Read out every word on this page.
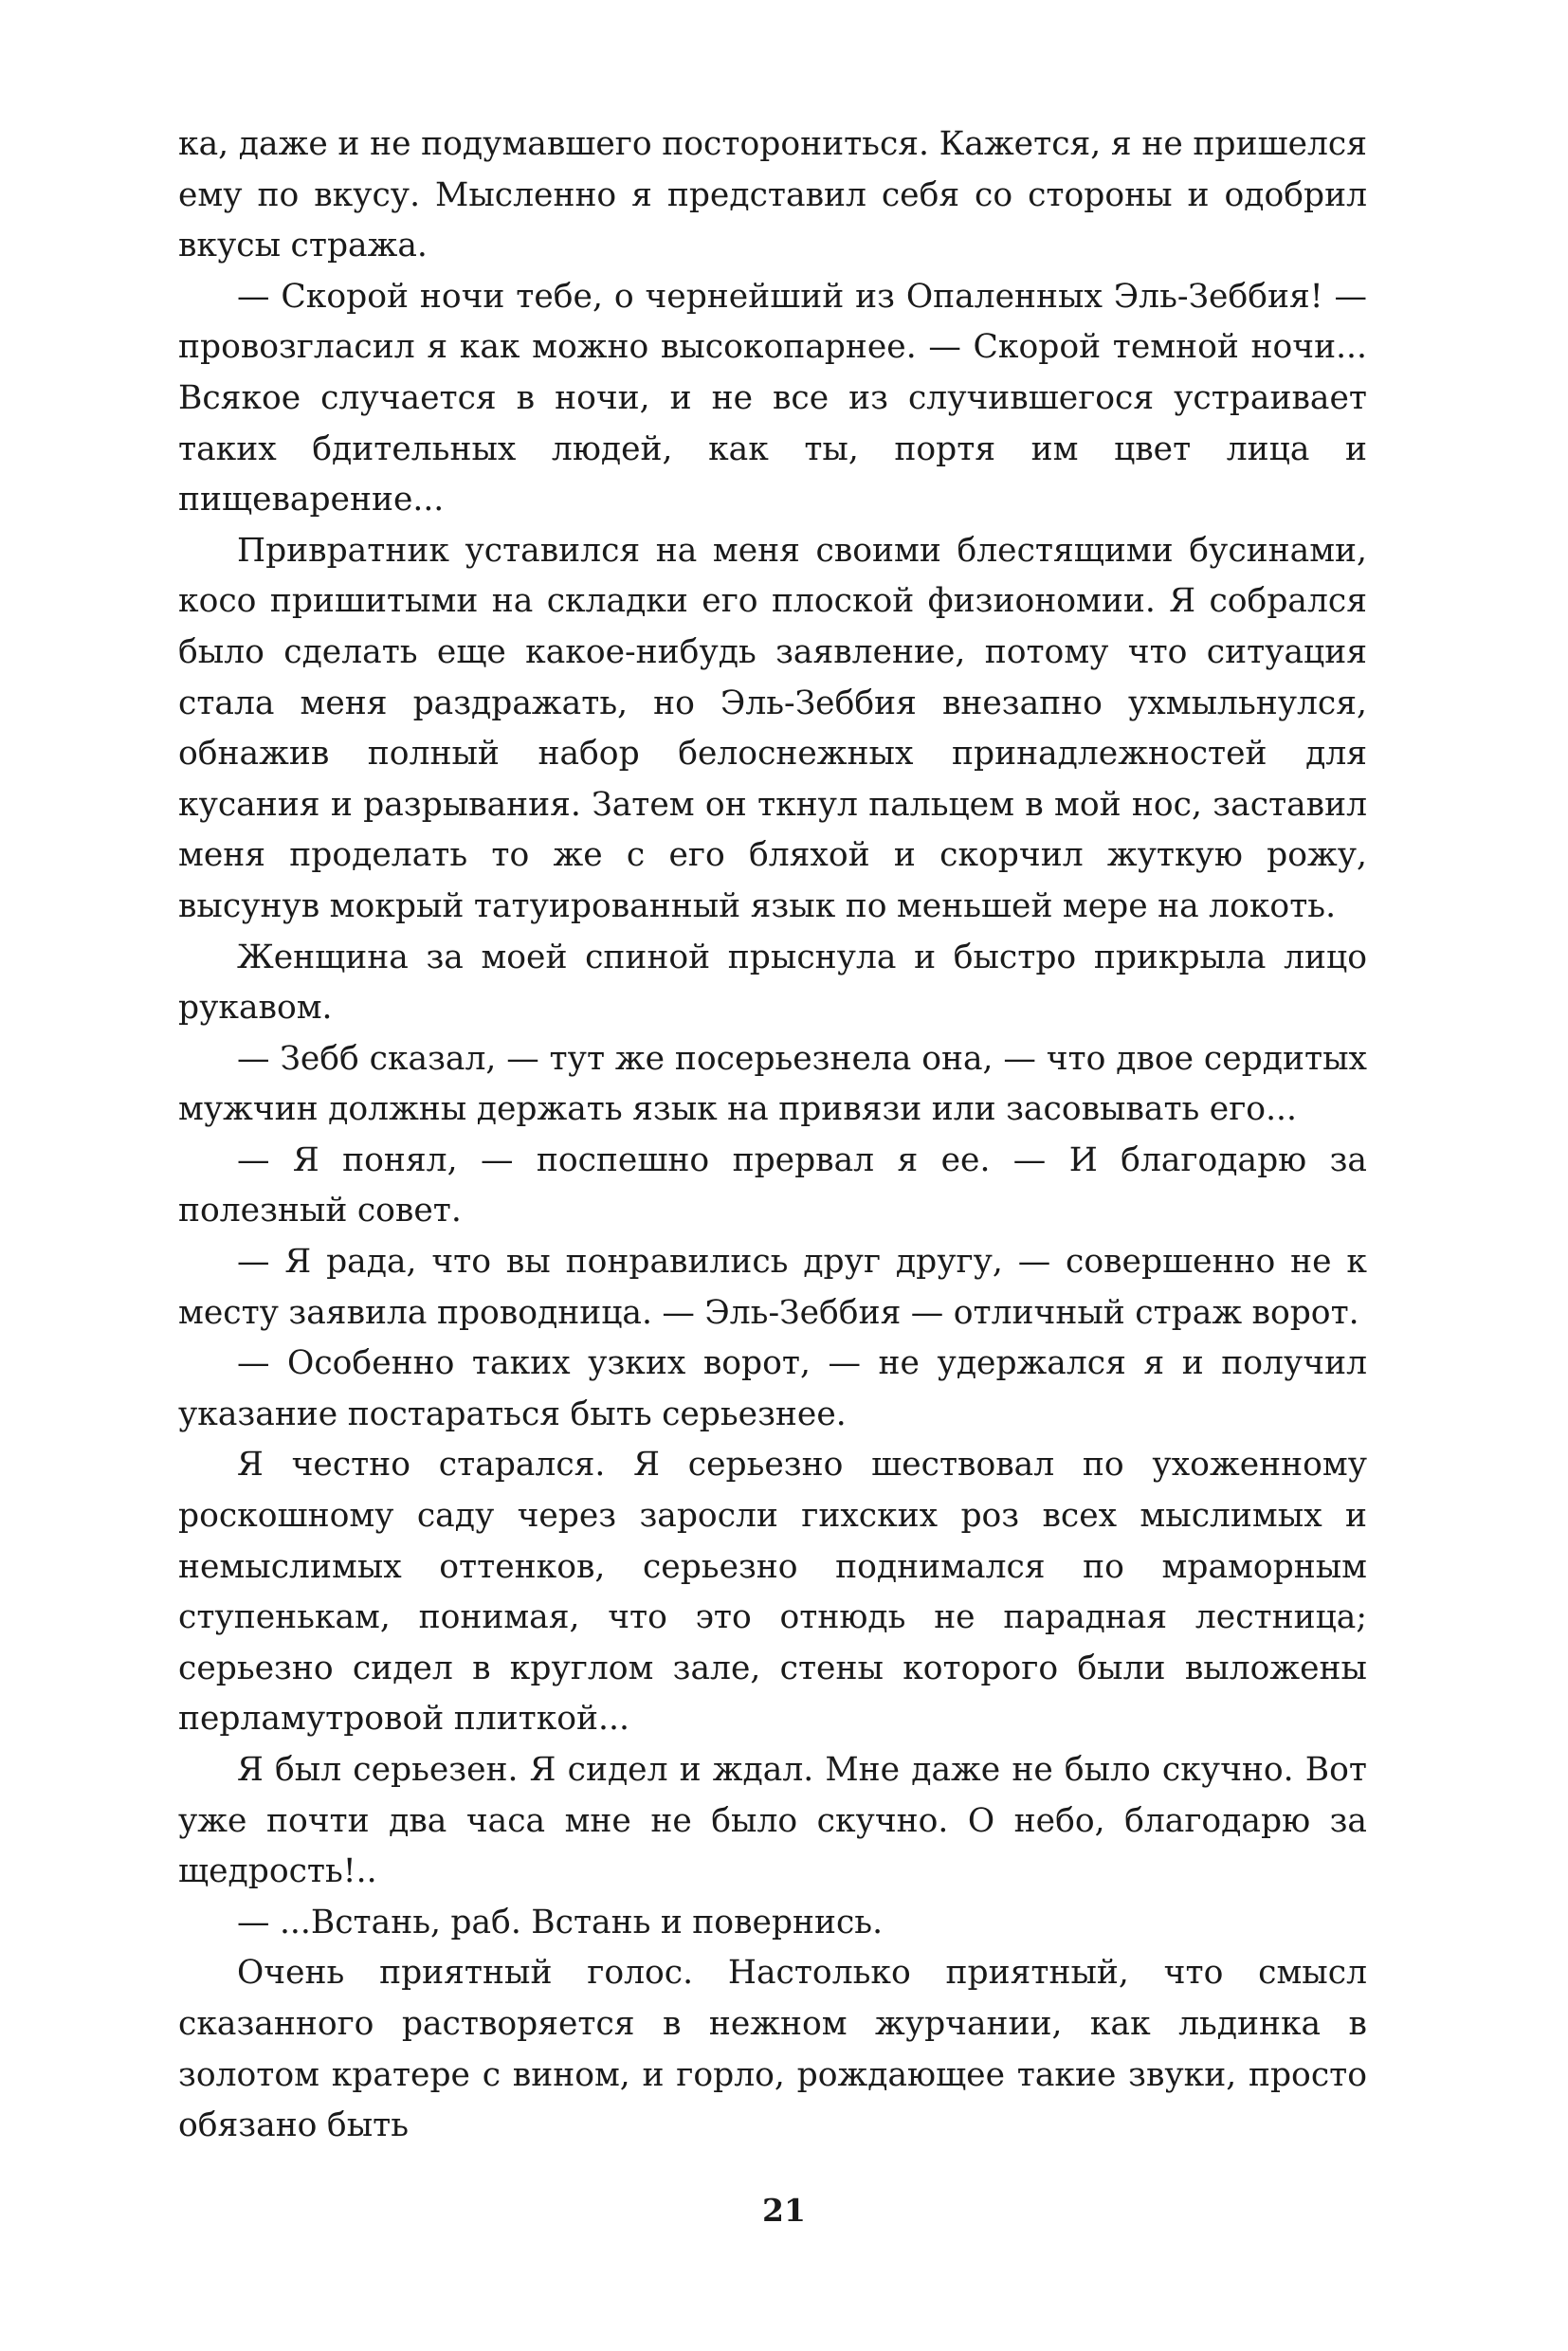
ка, даже и не подумавшего посторониться. Кажется, я не пришелся ему по вкусу. Мысленно я представил себя со стороны и одобрил вкусы стража.

— Скорой ночи тебе, о чернейший из Опаленных Эль-Зеббия! — провозгласил я как можно высокопарнее. — Скорой темной ночи... Всякое случается в ночи, и не все из случившегося устраивает таких бдительных людей, как ты, портя им цвет лица и пищеварение...

Привратник уставился на меня своими блестящими бусинами, косо пришитыми на складки его плоской физиономии. Я собрался было сделать еще какое-нибудь заявление, потому что ситуация стала меня раздражать, но Эль-Зеббия внезапно ухмыльнулся, обнажив полный набор белоснежных принадлежностей для кусания и разрывания. Затем он ткнул пальцем в мой нос, заставил меня проделать то же с его бляхой и скорчил жуткую рожу, высунув мокрый татуированный язык по меньшей мере на локоть.

Женщина за моей спиной прыснула и быстро прикрыла лицо рукавом.

— Зебб сказал, — тут же посерьезнела она, — что двое сердитых мужчин должны держать язык на привязи или засовывать его...

— Я понял, — поспешно прервал я ее. — И благодарю за полезный совет.

— Я рада, что вы понравились друг другу, — совершенно не к месту заявила проводница. — Эль-Зеббия — отличный страж ворот.

— Особенно таких узких ворот, — не удержался я и получил указание постараться быть серьезнее.

Я честно старался. Я серьезно шествовал по ухоженному роскошному саду через заросли гихских роз всех мыслимых и немыслимых оттенков, серьезно поднимался по мраморным ступенькам, понимая, что это отнюдь не парадная лестница; серьезно сидел в круглом зале, стены которого были выложены перламутровой плиткой...

Я был серьезен. Я сидел и ждал. Мне даже не было скучно. Вот уже почти два часа мне не было скучно. О небо, благодарю за щедрость!..

— ...Встань, раб. Встань и повернись.

Очень приятный голос. Настолько приятный, что смысл сказанного растворяется в нежном журчании, как льдинка в золотом кратере с вином, и горло, рождающее такие звуки, просто обязано быть

21
